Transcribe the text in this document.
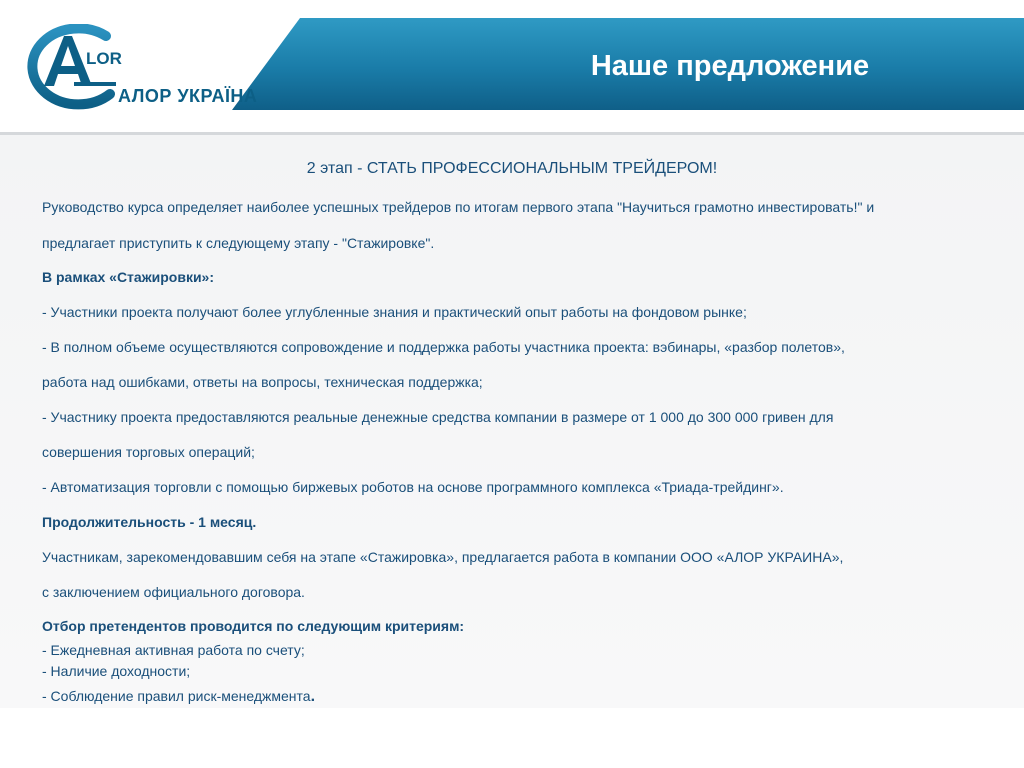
Наше предложение
LOR
АЛОР УКРАЇНА
2 этап - СТАТЬ ПРОФЕССИОНАЛЬНЫМ ТРЕЙДЕРОМ!
Руководство курса определяет наиболее успешных трейдеров по итогам первого этапа "Научиться грамотно инвестировать!" и
предлагает приступить к следующему этапу - "Стажировке".
В рамках «Стажировки»:
- Участники проекта получают более углубленные знания и практический опыт работы на фондовом рынке;
- В полном объеме осуществляются сопровождение и поддержка работы участника проекта: вэбинары, «разбор полетов»,
работа над ошибками, ответы на вопросы, техническая поддержка;
- Участнику проекта предоставляются реальные денежные средства компании в размере от 1 000 до 300 000 гривен для
совершения торговых операций;
- Автоматизация торговли с помощью биржевых роботов на основе программного комплекса «Триада-трейдинг».
Продолжительность - 1 месяц.
Участникам, зарекомендовавшим себя на этапе «Стажировка», предлагается работа в компании ООО «АЛОР УКРАИНА»,
с заключением официального договора.
Отбор претендентов проводится по следующим критериям:
- Ежедневная активная работа по счету;
- Наличие доходности;
- Соблюдение правил риск-менеджмента.
